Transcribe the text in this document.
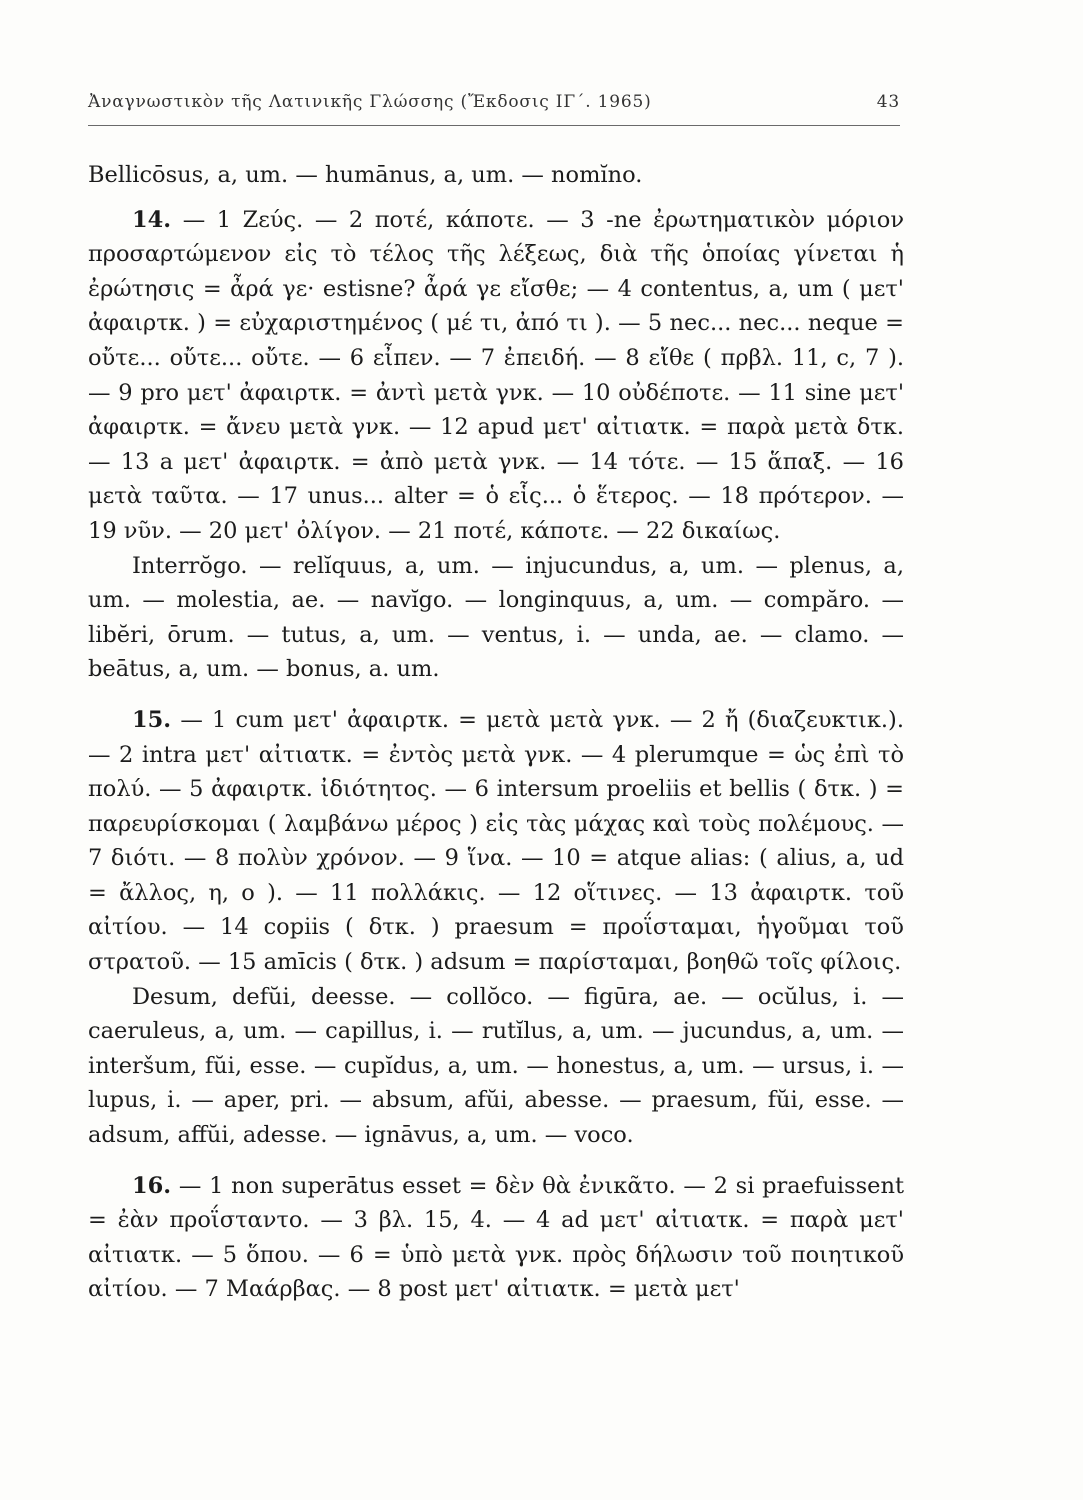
Ἀναγνωστικὸν τῆς Λατινικῆς Γλώσσης (Ἔκδοσις ΙΓ΄. 1965)	43

Bellicōsus, a, um. — humānus, a, um. — nomĭno.

14. — 1 Ζεύς. — 2 ποτέ, κάποτε. — 3 -ne ἐρωτηματικὸν μόριον προσαρτώμενον εἰς τὸ τέλος τῆς λέξεως, διὰ τῆς ὁποίας γίνεται ἡ ἐρώτησις = ἆρά γε· estisne? ἆρά γε εἴσθε; — 4 contentus, a, um ( μετ' ἀφαιρτκ. ) = εὐχαριστημένος ( μέ τι, ἀπό τι ). — 5 nec... nec... neque = οὔτε... οὔτε... οὔτε. — 6 εἶπεν. — 7 ἐπειδή. — 8 εἴθε ( πρβλ. 11, c, 7 ). — 9 pro μετ' ἀφαιρτκ. = ἀντὶ μετὰ γνκ. — 10 οὐδέποτε. — 11 sine μετ' ἀφαιρτκ. = ἄνευ μετὰ γνκ. — 12 apud μετ' αἰτιατκ. = παρὰ μετὰ δτκ. — 13 a μετ' ἀφαιρτκ. = ἀπὸ μετὰ γνκ. — 14 τότε. — 15 ἅπαξ. — 16 μετὰ ταῦτα. — 17 unus... alter = ὁ εἷς... ὁ ἕτερος. — 18 πρότερον. — 19 νῦν. — 20 μετ' ὀλίγον. — 21 ποτέ, κάποτε. — 22 δικαίως.

Interrŏgo. — relĭquus, a, um. — injucundus, a, um. — plenus, a, um. — molestia, ae. — navĭgo. — longinquus, a, um. — compăro. — libĕri, ōrum. — tutus, a, um. — ventus, i. — unda, ae. — clamo. — beātus, a, um. — bonus, a. um.

15. — 1 cum μετ' ἀφαιρτκ. = μετὰ μετὰ γνκ. — 2 ἤ (διαζευκτικ.). — 2 intra μετ' αἰτιατκ. = ἐντὸς μετὰ γνκ. — 4 plerumque = ὡς ἐπὶ τὸ πολύ. — 5 ἀφαιρτκ. ἰδιότητος. — 6 intersum proeliis et bellis ( δτκ. ) = παρευρίσκομαι ( λαμβάνω μέρος ) εἰς τὰς μάχας καὶ τοὺς πολέμους. — 7 διότι. — 8 πολὺν χρόνον. — 9 ἵνα. — 10 = atque alias: ( alius, a, ud = ἄλλος, η, ο ). — 11 πολλάκις. — 12 οἵτινες. — 13 ἀφαιρτκ. τοῦ αἰτίου. — 14 copiis ( δτκ. ) praesum = προΐσταμαι, ἡγοῦμαι τοῦ στρατοῦ. — 15 amīcis ( δτκ. ) adsum = παρίσταμαι, βοηθῶ τοῖς φίλοις.

Desum, defŭi, deesse. — collŏco. — figūra, ae. — ocŭlus, i. — caeruleus, a, um. — capillus, i. — rutĭlus, a, um. — jucundus, a, um. — interšum, fŭi, esse. — cupĭdus, a, um. — honestus, a, um. — ursus, i. — lupus, i. — aper, pri. — absum, afŭi, abesse. — praesum, fŭi, esse. — adsum, affŭi, adesse. — ignāvus, a, um. — voco.

16. — 1 non superātus esset = δὲν θὰ ἐνικᾶτο. — 2 si praefuissent = ἐὰν προΐσταντο. — 3 βλ. 15, 4. — 4 ad μετ' αἰτιατκ. = παρὰ μετ' αἰτιατκ. — 5 ὅπου. — 6 = ὑπὸ μετὰ γνκ. πρὸς δήλωσιν τοῦ ποιητικοῦ αἰτίου. — 7 Μαάρβας. — 8 post μετ' αἰτιατκ. = μετὰ μετ'
